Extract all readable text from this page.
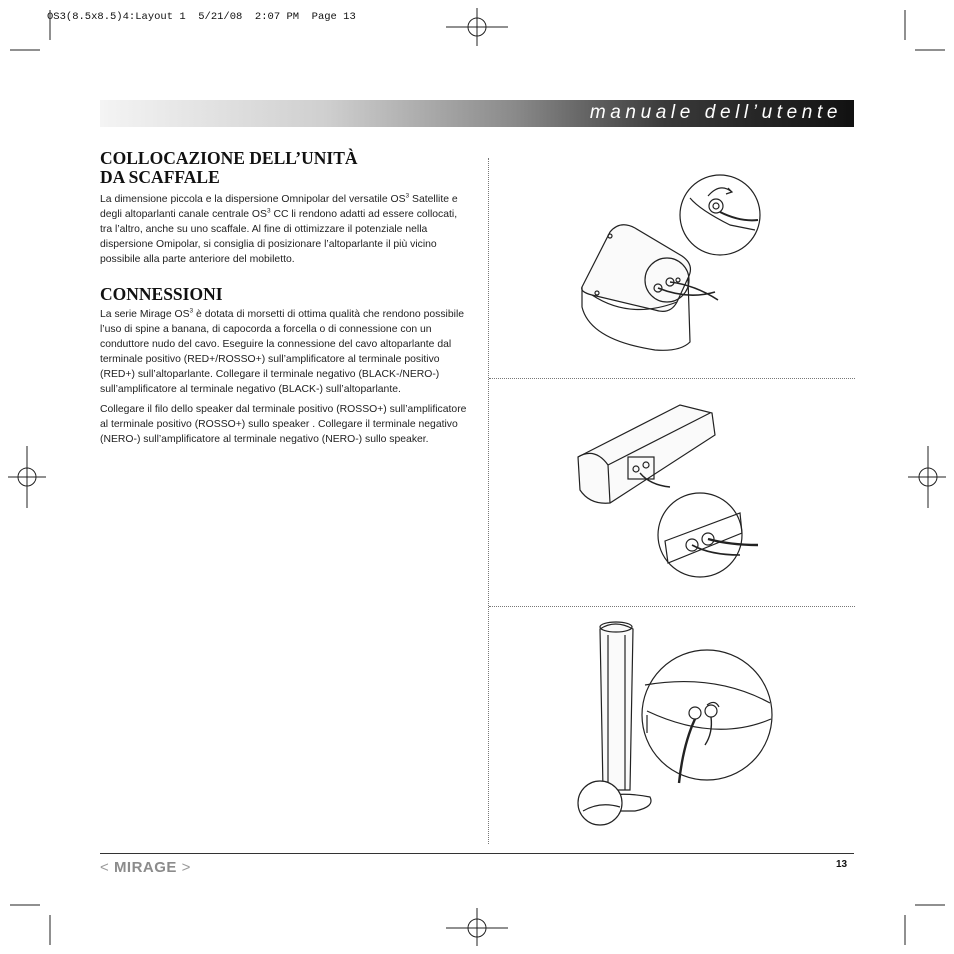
OS3(8.5x8.5)4:Layout 1  5/21/08  2:07 PM  Page 13
manuale dell’utente
COLLOCAZIONE DELL’UNITÀ
DA SCAFFALE
La dimensione piccola e la dispersione Omnipolar del versatile $OS^3$ Satellite e degli altoparlanti canale centrale $OS^3$ CC li rendono adatti ad essere collocati, tra l’altro, anche su uno scaffale. Al fine di ottimizzare il potenziale nella dispersione Omipolar, si consiglia di posizionare l’altoparlante il più vicino possibile alla parte anteriore del mobiletto.
CONNESSIONI
La serie Mirage $OS^3$ è dotata di morsetti di ottima qualità che rendono possibile l’uso di spine a banana, di capocorda a forcella o di connessione con un conduttore nudo del cavo. Eseguire la connessione del cavo altoparlante dal terminale positivo (RED+/ROSSO+) sull’amplificatore al terminale positivo (RED+) sull’altoparlante. Collegare il terminale negativo (BLACK-/NERO-) sull’amplificatore al terminale negativo (BLACK-) sull’altoparlante.
Collegare il filo dello speaker dal terminale positivo (ROSSO+) sull’amplificatore al terminale positivo (ROSSO+) sullo speaker . Collegare il terminale negativo (NERO-) sull’amplificatore al terminale negativo (NERO-) sullo speaker.
< MIRAGE >	13
